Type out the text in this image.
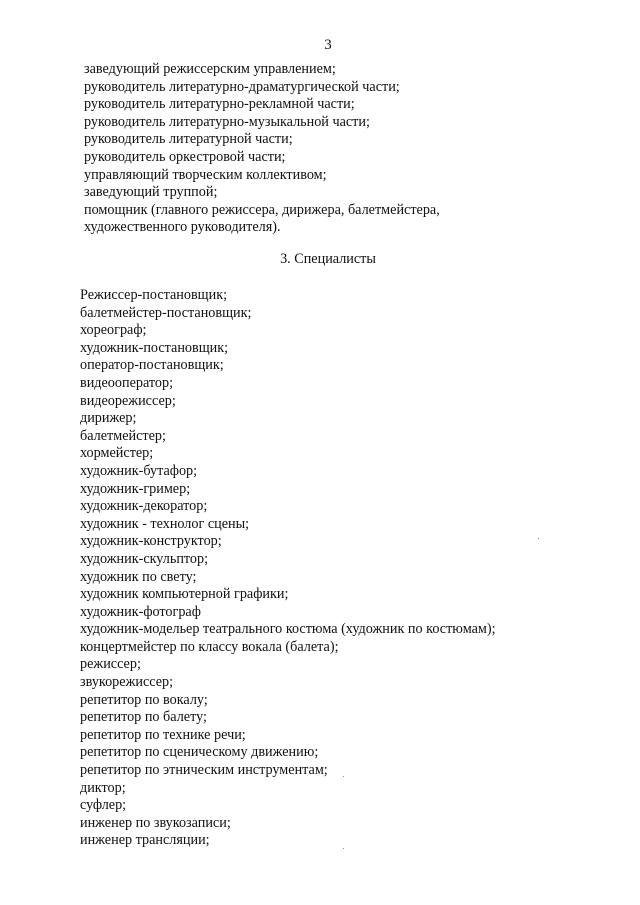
3
заведующий режиссерским управлением;
руководитель литературно-драматургической части;
руководитель литературно-рекламной части;
руководитель литературно-музыкальной части;
руководитель литературной части;
руководитель оркестровой части;
управляющий творческим коллективом;
заведующий труппой;
помощник (главного режиссера, дирижера, балетмейстера,
художественного руководителя).
3. Специалисты
Режиссер-постановщик;
балетмейстер-постановщик;
хореограф;
художник-постановщик;
оператор-постановщик;
видеооператор;
видеорежиссер;
дирижер;
балетмейстер;
хормейстер;
художник-бутафор;
художник-гример;
художник-декоратор;
художник - технолог сцены;
художник-конструктор;
художник-скульптор;
художник по свету;
художник компьютерной графики;
художник-фотограф
художник-модельер театрального костюма (художник по костюмам);
концертмейстер по классу вокала (балета);
режиссер;
звукорежиссер;
репетитор по вокалу;
репетитор по балету;
репетитор по технике речи;
репетитор по сценическому движению;
репетитор по этническим инструментам;
диктор;
суфлер;
инженер по звукозаписи;
инженер трансляции;
